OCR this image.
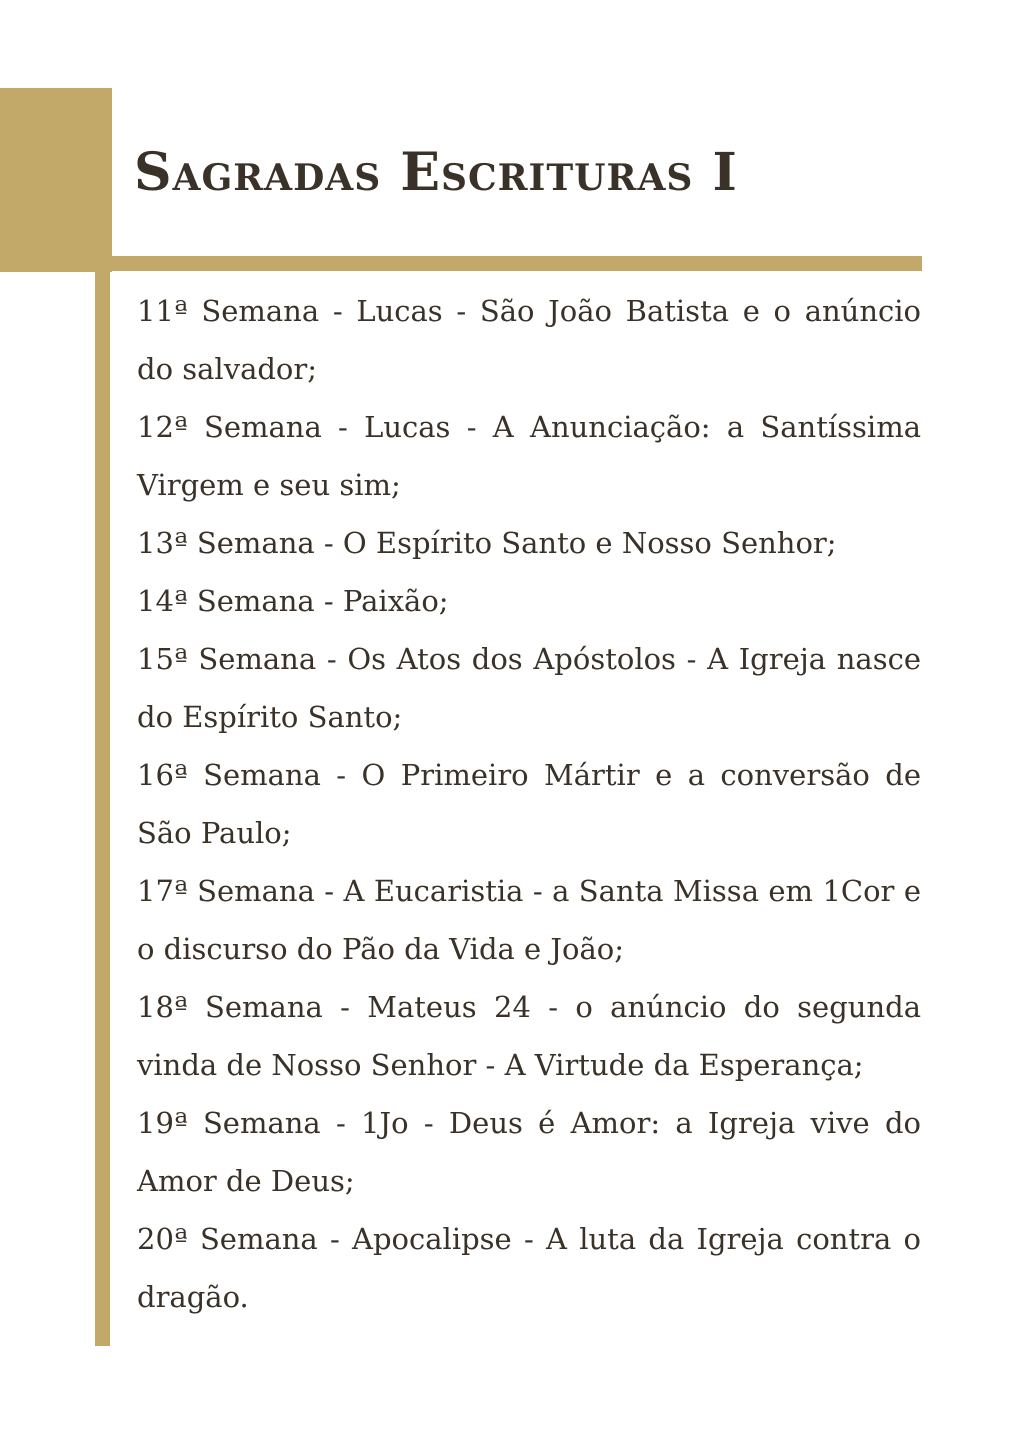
Sagradas Escrituras I
11ª Semana - Lucas - São João Batista e o anúncio do salvador;
12ª Semana - Lucas - A Anunciação: a Santíssima Virgem e seu sim;
13ª Semana - O Espírito Santo e Nosso Senhor;
14ª Semana - Paixão;
15ª Semana - Os Atos dos Apóstolos - A Igreja nasce do Espírito Santo;
16ª Semana - O Primeiro Mártir e a conversão de São Paulo;
17ª Semana - A Eucaristia - a Santa Missa em 1Cor e o discurso do Pão da Vida e João;
18ª Semana - Mateus 24 - o anúncio do segunda vinda de Nosso Senhor - A Virtude da Esperança;
19ª Semana - 1Jo - Deus é Amor: a Igreja vive do Amor de Deus;
20ª Semana - Apocalipse - A luta da Igreja contra o dragão.
